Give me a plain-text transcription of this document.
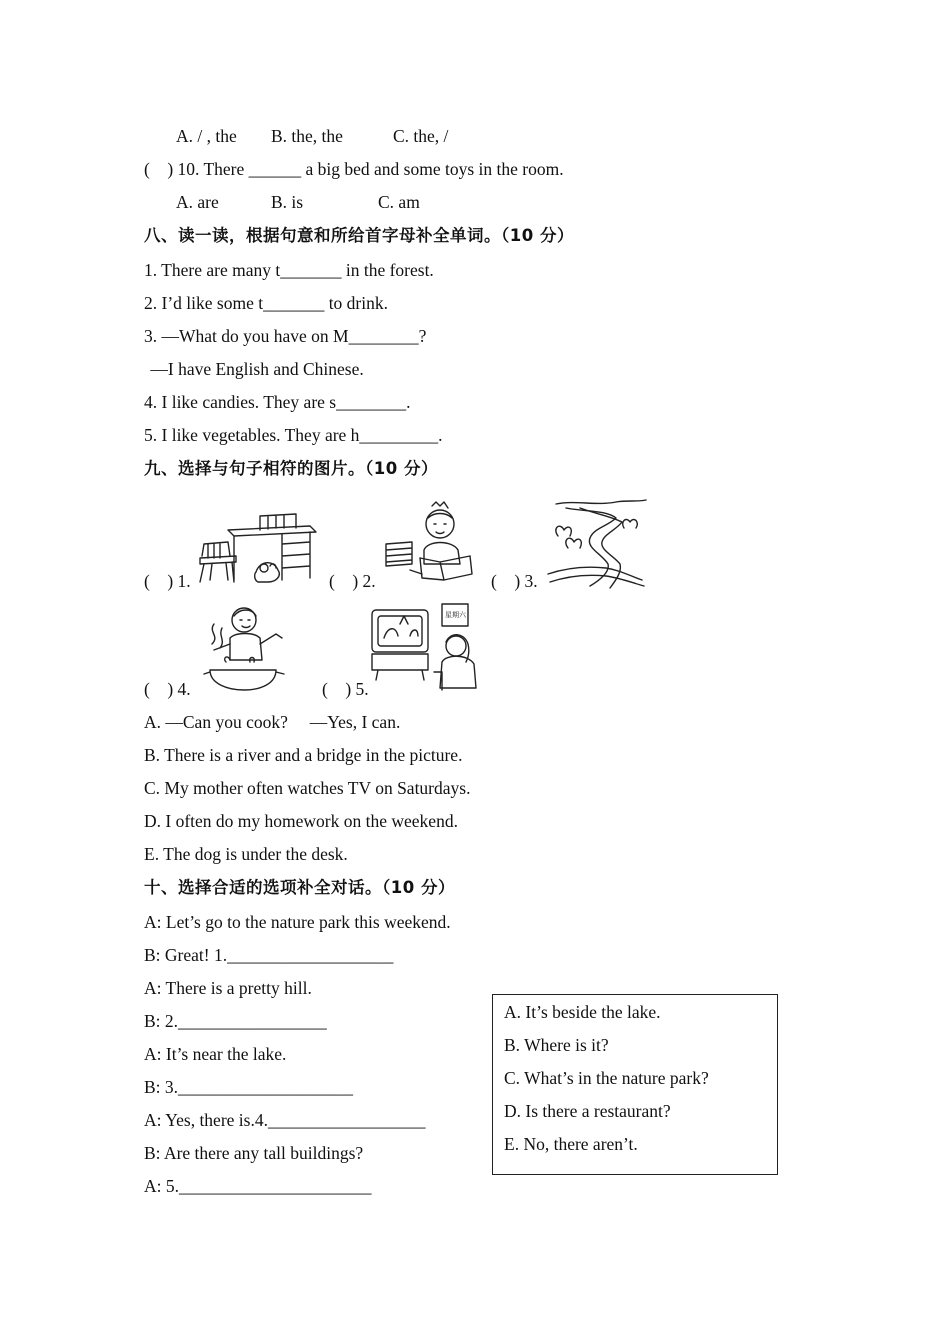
A. / , the B. the, the	C. the, /
(    ) 10. There ______ a big bed and some toys in the room.
A. are	B. is	C. am
八、读一读，根据句意和所给首字母补全单词。（10 分）
1. There are many t_______ in the forest.
2. I’d like some t_______ to drink.
3. —What do you have on M________?
—I have English and Chinese.
4. I like candies. They are s________.
5. I like vegetables. They are h_________.
九、选择与句子相符的图片。（10 分）
(    ) 1.	(    ) 2.	(    ) 3.
(    ) 4.	(    ) 5.
星期六
A. —Can you cook?     —Yes, I can.
B. There is a river and a bridge in the picture.
C. My mother often watches TV on Saturdays.
D. I often do my homework on the weekend.
E. The dog is under the desk.
十、选择合适的选项补全对话。（10 分）
A: Let’s go to the nature park this weekend.
B: Great! 1.___________________
A: There is a pretty hill.
B: 2._________________
A: It’s near the lake.
B: 3.____________________
A: Yes, there is.4.__________________
B: Are there any tall buildings?
A: 5.______________________
A. It’s beside the lake.
B. Where is it?
C. What’s in the nature park?
D. Is there a restaurant?
E. No, there aren’t.
